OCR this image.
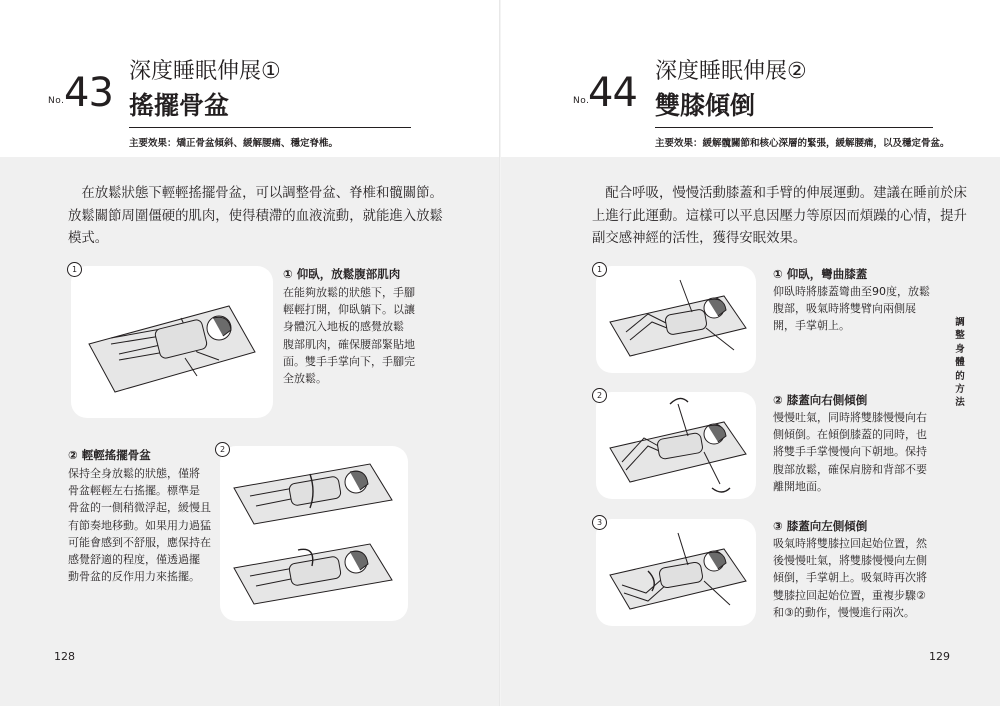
No. 43 深度睡眠伸展①
搖擺骨盆
主要效果：矯正骨盆傾斜、緩解腰痛、穩定脊椎。

　在放鬆狀態下輕輕搖擺骨盆，可以調整骨盆、脊椎和髖關節。
放鬆關節周圍僵硬的肌肉，使得積滯的血液流動，就能進入放鬆
模式。

1	① 仰臥，放鬆腹部肌肉

在能夠放鬆的狀態下，手腳
輕輕打開，仰臥躺下。以讓
身體沉入地板的感覺放鬆
腹部肌肉，確保腰部緊貼地
面。雙手手掌向下，手腳完
全放鬆。

② 輕輕搖擺骨盆

保持全身放鬆的狀態，僅將
骨盆輕輕左右搖擺。標準是
骨盆的一側稍微浮起，緩慢且
有節奏地移動。如果用力過猛
可能會感到不舒服，應保持在
感覺舒適的程度，僅透過擺
動骨盆的反作用力來搖擺。

2
128
No.
44 深度睡眠伸展②
雙膝傾倒
主要效果：緩解髖關節和核心深層的緊張，緩解腰痛，以及穩定骨盆。

　配合呼吸，慢慢活動膝蓋和手臂的伸展運動。建議在睡前於床
上進行此運動。這樣可以平息因壓力等原因而煩躁的心情，提升
副交感神經的活性，獲得安眠效果。

1	① 仰臥，彎曲膝蓋

仰臥時將膝蓋彎曲至90度，放鬆
腹部，吸氣時將雙臂向兩側展
開，手掌朝上。

2	② 膝蓋向右側傾倒

慢慢吐氣，同時將雙膝慢慢向右
側傾倒。在傾倒膝蓋的同時，也
將雙手手掌慢慢向下朝地。保持
腹部放鬆，確保肩膀和背部不要
離開地面。

3	③ 膝蓋向左側傾倒

吸氣時將雙膝拉回起始位置，然
後慢慢吐氣，將雙膝慢慢向左側
傾倒，手掌朝上。吸氣時再次將
雙膝拉回起始位置，重複步驟②
和③的動作，慢慢進行兩次。

調
整
身
體
的
方
法
129
